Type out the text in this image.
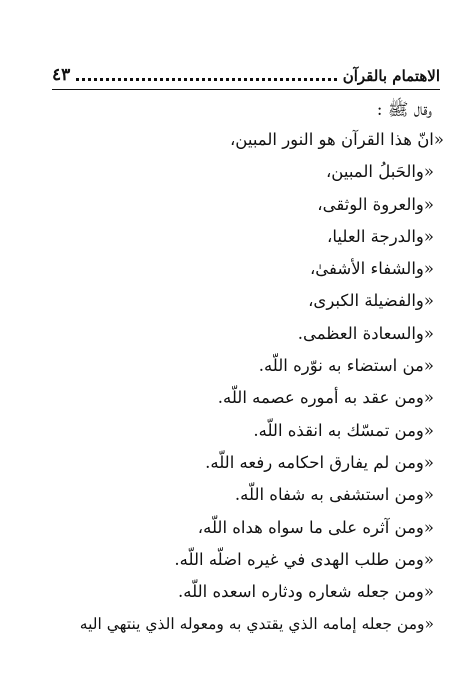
٤٣	الاهتمام بالقرآن

وقال ﷺ :

«انّ هذا القرآن هو النور المبين،

«والحَبلُ المبين،

«والعروة الوثقى،

«والدرجة العليا،

«والشفاء الأشفىٰ،

«والفضيلة الكبرى،

«والسعادة العظمى.

«من استضاء به نوّره اللّه.

«ومن عقد به أموره عصمه اللّه.

«ومن تمسّك به انقذه اللّه.

«ومن لم يفارق احكامه رفعه اللّه.

«ومن استشفى به شفاه اللّه.

«ومن آثره على ما سواه هداه اللّه،

«ومن طلب الهدى في غيره اضلّه اللّه.

«ومن جعله شعاره ودثاره اسعده اللّه.

«ومن جعله إمامه الذي يقتدي به ومعوله الذي ينتهي اليه
